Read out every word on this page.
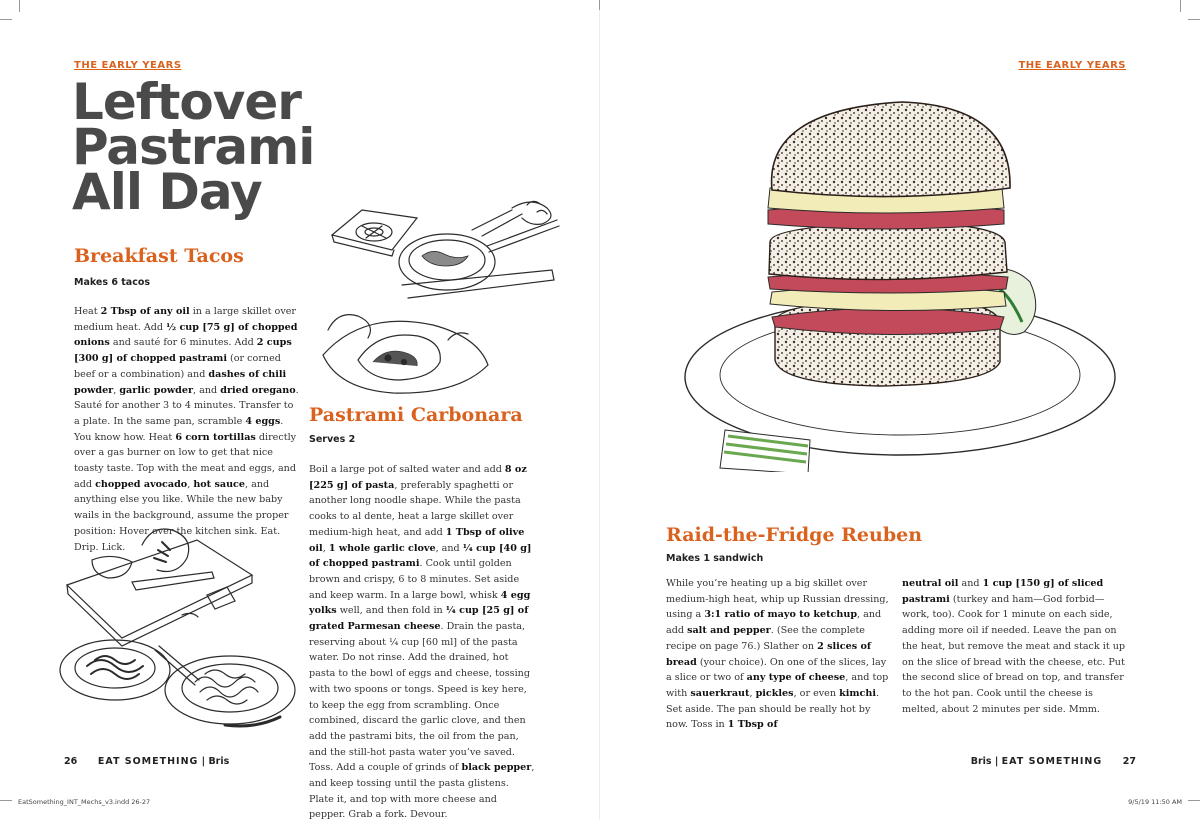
THE EARLY YEARS
Leftover
Pastrami
All Day
Breakfast Tacos
Makes 6 tacos

Heat 2 Tbsp of any oil in a large skillet over medium heat. Add ½ cup [75 g] of chopped onions and sauté for 6 minutes. Add 2 cups [300 g] of chopped pastrami (or corned beef or a combination) and dashes of chili powder, garlic powder, and dried oregano. Sauté for another 3 to 4 minutes. Transfer to a plate. In the same pan, scramble 4 eggs. You know how. Heat 6 corn tortillas directly over a gas burner on low to get that nice toasty taste. Top with the meat and eggs, and add chopped avocado, hot sauce, and anything else you like. While the new baby wails in the background, assume the proper position: Hover over the kitchen sink. Eat. Drip. Lick.

Pastrami Carbonara
Serves 2

Boil a large pot of salted water and add 8 oz [225 g] of pasta, preferably spaghetti or another long noodle shape. While the pasta cooks to al dente, heat a large skillet over medium-high heat, and add 1 Tbsp of olive oil, 1 whole garlic clove, and ¼ cup [40 g] of chopped pastrami. Cook until golden brown and crispy, 6 to 8 minutes. Set aside and keep warm. In a large bowl, whisk 4 egg yolks well, and then fold in ¼ cup [25 g] of grated Parmesan cheese. Drain the pasta, reserving about ¼ cup [60 ml] of the pasta water. Do not rinse. Add the drained, hot pasta to the bowl of eggs and cheese, tossing with two spoons or tongs. Speed is key here, to keep the egg from scrambling. Once combined, discard the garlic clove, and then add the pastrami bits, the oil from the pan, and the still-hot pasta water you’ve saved. Toss. Add a couple of grinds of black pepper, and keep tossing until the pasta glistens. Plate it, and top with more cheese and pepper. Grab a fork. Devour.

26 EAT SOMETHING | Bris
EatSomething_INT_Mechs_v3.indd 26-27
THE EARLY YEARS
Raid-the-Fridge Reuben
Makes 1 sandwich

While you’re heating up a big skillet over medium-high heat, whip up Russian dressing, using a 3:1 ratio of mayo to ketchup, and add salt and pepper. (See the complete recipe on page 76.) Slather on 2 slices of bread (your choice). On one of the slices, lay a slice or two of any type of cheese, and top with sauerkraut, pickles, or even kimchi. Set aside. The pan should be really hot by now. Toss in 1 Tbsp of

neutral oil and 1 cup [150 g] of sliced pastrami (turkey and ham—God forbid—work, too). Cook for 1 minute on each side, adding more oil if needed. Leave the pan on the heat, but remove the meat and stack it up on the slice of bread with the cheese, etc. Put the second slice of bread on top, and transfer to the hot pan. Cook until the cheese is melted, about 2 minutes per side. Mmm.

Bris | EAT SOMETHING 27
9/5/19 11:50 AM
